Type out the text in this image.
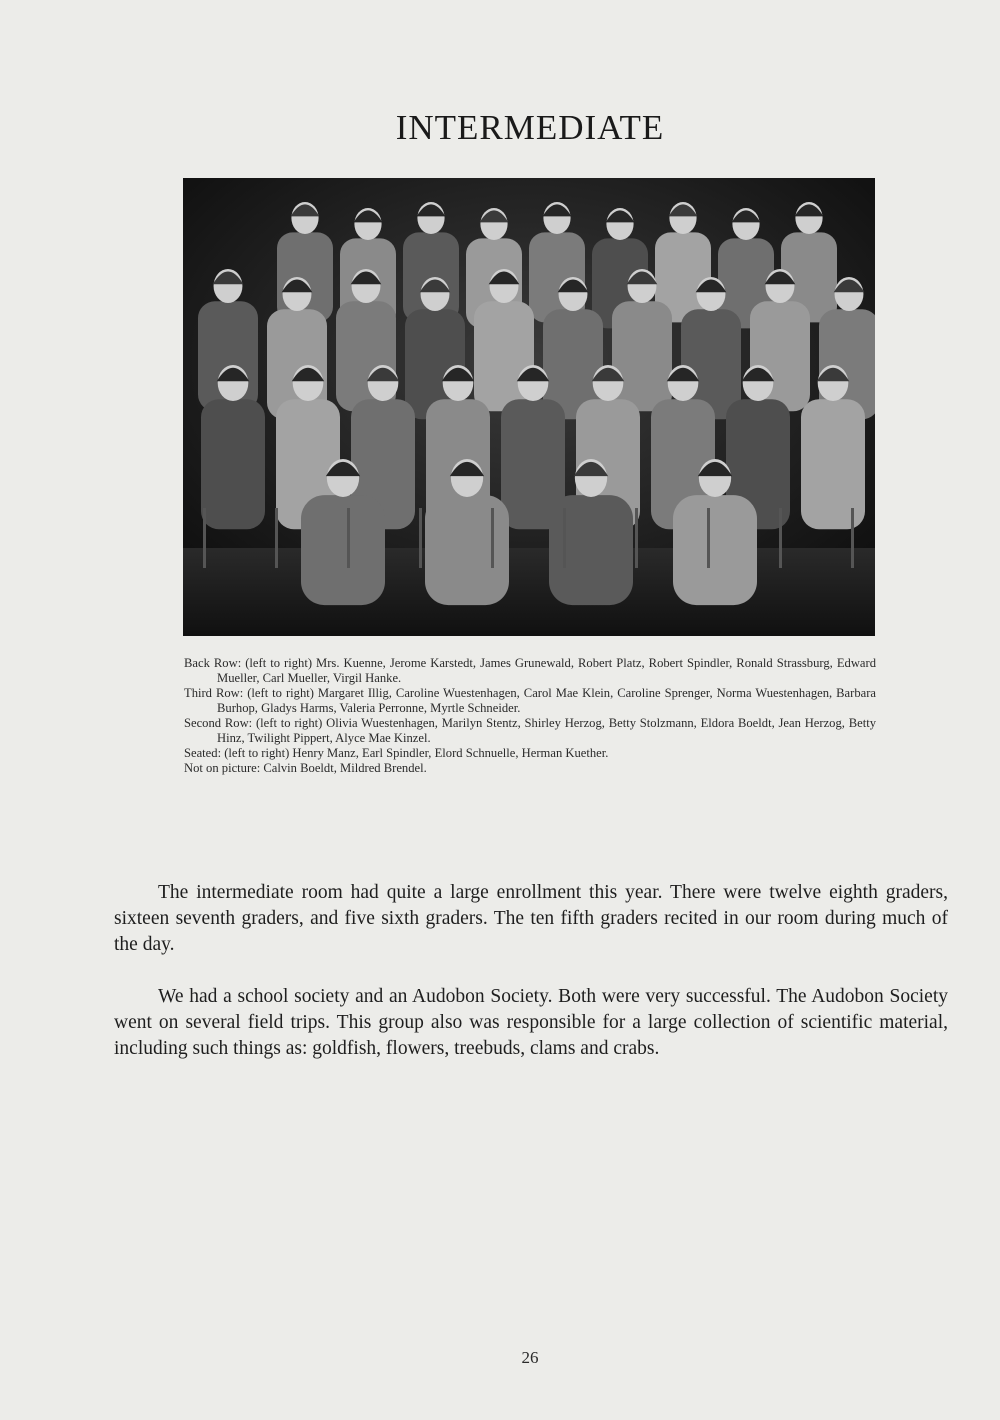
INTERMEDIATE

Back Row: (left to right) Mrs. Kuenne, Jerome Karstedt, James Grunewald, Robert Platz, Robert Spindler, Ronald Strassburg, Edward Mueller, Carl Mueller, Virgil Hanke.

Third Row: (left to right) Margaret Illig, Caroline Wuestenhagen, Carol Mae Klein, Caroline Sprenger, Norma Wuestenhagen, Barbara Burhop, Gladys Harms, Valeria Perronne, Myrtle Schneider.

Second Row: (left to right) Olivia Wuestenhagen, Marilyn Stentz, Shirley Herzog, Betty Stolzmann, Eldora Boeldt, Jean Herzog, Betty Hinz, Twilight Pippert, Alyce Mae Kinzel.

Seated: (left to right) Henry Manz, Earl Spindler, Elord Schnuelle, Herman Kuether.

Not on picture: Calvin Boeldt, Mildred Brendel.

The intermediate room had quite a large enrollment this year. There were twelve eighth graders, sixteen seventh graders, and five sixth graders. The ten fifth graders recited in our room during much of the day.

We had a school society and an Audobon Society. Both were very successful. The Audobon Society went on several field trips. This group also was responsible for a large collection of scientific material, including such things as: goldfish, flowers, treebuds, clams and crabs.

26
